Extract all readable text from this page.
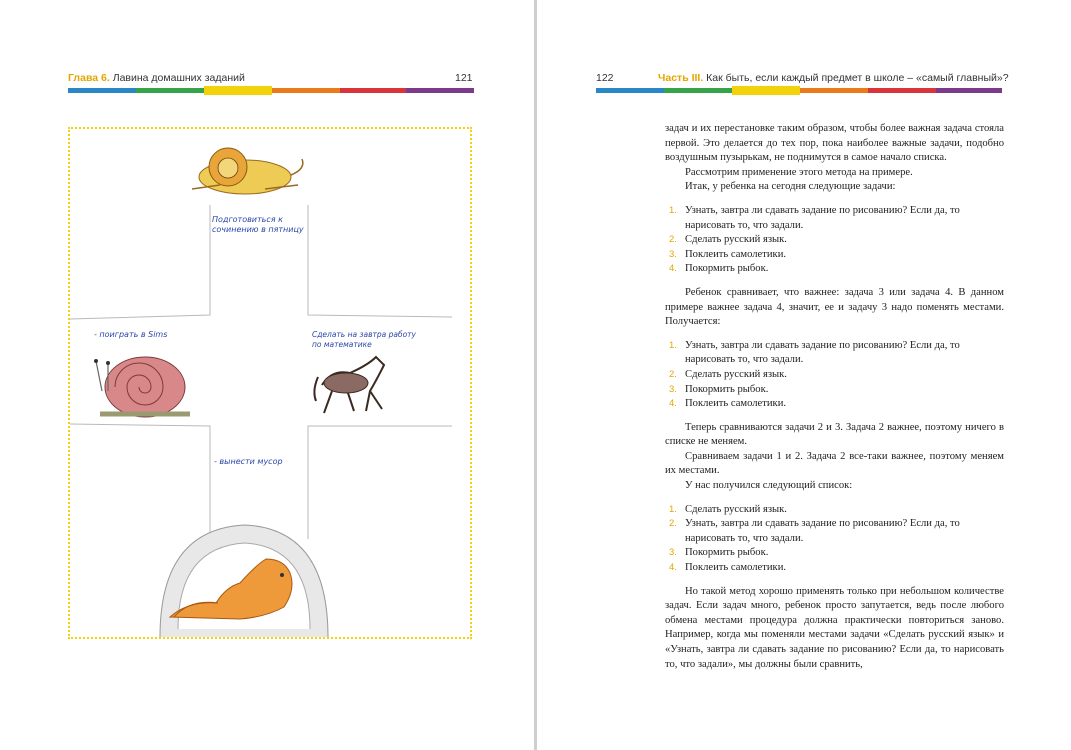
Глава 6. Лавина домашних заданий	121
Подготовиться к
сочинению в пятницу
- поиграть в Sims	Сделать на завтра работу
по математике
- вынести мусор
122	Часть III. Как быть, если каждый предмет в школе – «самый главный»?

задач и их перестановке таким образом, чтобы более важная задача стояла первой. Это делается до тех пор, пока наиболее важные задачи, подобно воздушным пузырькам, не поднимутся в самое начало списка.

Рассмотрим применение этого метода на примере.

Итак, у ребенка на сегодня следующие задачи:

1. Узнать, завтра ли сдавать задание по рисованию? Если да, то нарисовать то, что задали.
2. Сделать русский язык.
3. Поклеить самолетики.
4. Покормить рыбок.

Ребенок сравнивает, что важнее: задача 3 или задача 4. В данном примере важнее задача 4, значит, ее и задачу 3 надо поменять местами. Получается:

1. Узнать, завтра ли сдавать задание по рисованию? Если да, то нарисовать то, что задали.
2. Сделать русский язык.
3. Покормить рыбок.
4. Поклеить самолетики.

Теперь сравниваются задачи 2 и 3. Задача 2 важнее, поэтому ничего в списке не меняем.

Сравниваем задачи 1 и 2. Задача 2 все-таки важнее, поэтому меняем их местами.

У нас получился следующий список:

1. Сделать русский язык.
2. Узнать, завтра ли сдавать задание по рисованию? Если да, то нарисовать то, что задали.
3. Покормить рыбок.
4. Поклеить самолетики.

Но такой метод хорошо применять только при небольшом количестве задач. Если задач много, ребенок просто запутается, ведь после любого обмена местами процедура должна практически повториться заново. Например, когда мы поменяли местами задачи «Сделать русский язык» и «Узнать, завтра ли сдавать задание по рисованию? Если да, то нарисовать то, что задали», мы должны были сравнить,
